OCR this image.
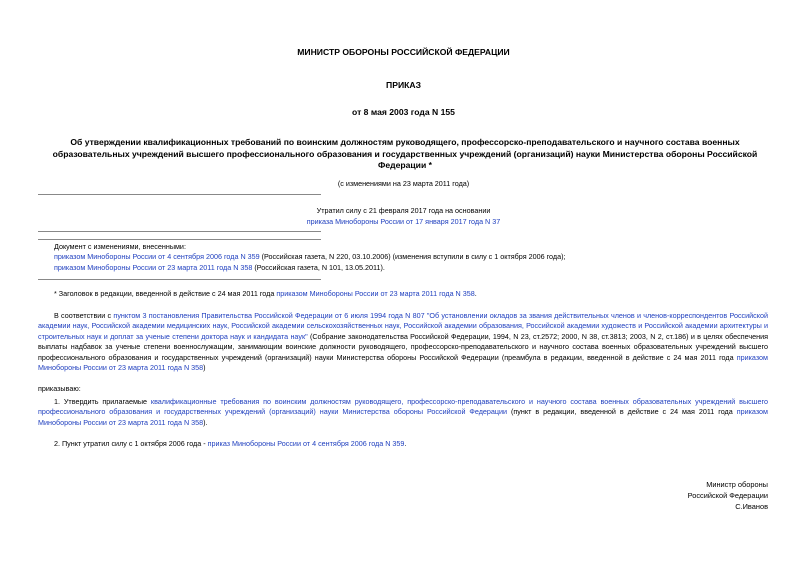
МИНИСТР ОБОРОНЫ РОССИЙСКОЙ ФЕДЕРАЦИИ
ПРИКАЗ
от 8 мая 2003 года N 155
Об утверждении квалификационных требований по воинским должностям руководящего, профессорско-преподавательского и научного состава военных образовательных учреждений высшего профессионального образования и государственных учреждений (организаций) науки Министерства обороны Российской Федерации *
(с изменениями на 23 марта 2011 года)
Утратил силу с 21 февраля 2017 года на основании
приказа Минобороны России от 17 января 2017 года N 37
Документ с изменениями, внесенными:
приказом Минобороны России от 4 сентября 2006 года N 359 (Российская газета, N 220, 03.10.2006) (изменения вступили в силу с 1 октября 2006 года);
приказом Минобороны России от 23 марта 2011 года N 358 (Российская газета, N 101, 13.05.2011).
* Заголовок в редакции, введенной в действие с 24 мая 2011 года приказом Минобороны России от 23 марта 2011 года N 358.
В соответствии с пунктом 3 постановления Правительства Российской Федерации от 6 июля 1994 года N 807 "Об установлении окладов за звания действительных членов и членов-корреспондентов Российской академии наук, Российской академии медицинских наук, Российской академии сельскохозяйственных наук, Российской академии образования, Российской академии художеств и Российской академии архитектуры и строительных наук и доплат за ученые степени доктора наук и кандидата наук" (Собрание законодательства Российской Федерации, 1994, N 23, ст.2572; 2000, N 38, ст.3813; 2003, N 2, ст.186) и в целях обеспечения выплаты надбавок за ученые степени военнослужащим, занимающим воинские должности руководящего, профессорско-преподавательского и научного состава военных образовательных учреждений высшего профессионального образования и государственных учреждений (организаций) науки Министерства обороны Российской Федерации (преамбула в редакции, введенной в действие с 24 мая 2011 года приказом Минобороны России от 23 марта 2011 года N 358)
приказываю:
1. Утвердить прилагаемые квалификационные требования по воинским должностям руководящего, профессорско-преподавательского и научного состава военных образовательных учреждений высшего профессионального образования и государственных учреждений (организаций) науки Министерства обороны Российской Федерации (пункт в редакции, введенной в действие с 24 мая 2011 года приказом Минобороны России от 23 марта 2011 года N 358).
2. Пункт утратил силу с 1 октября 2006 года - приказ Минобороны России от 4 сентября 2006 года N 359.
Министр обороны
Российской Федерации
С.Иванов
